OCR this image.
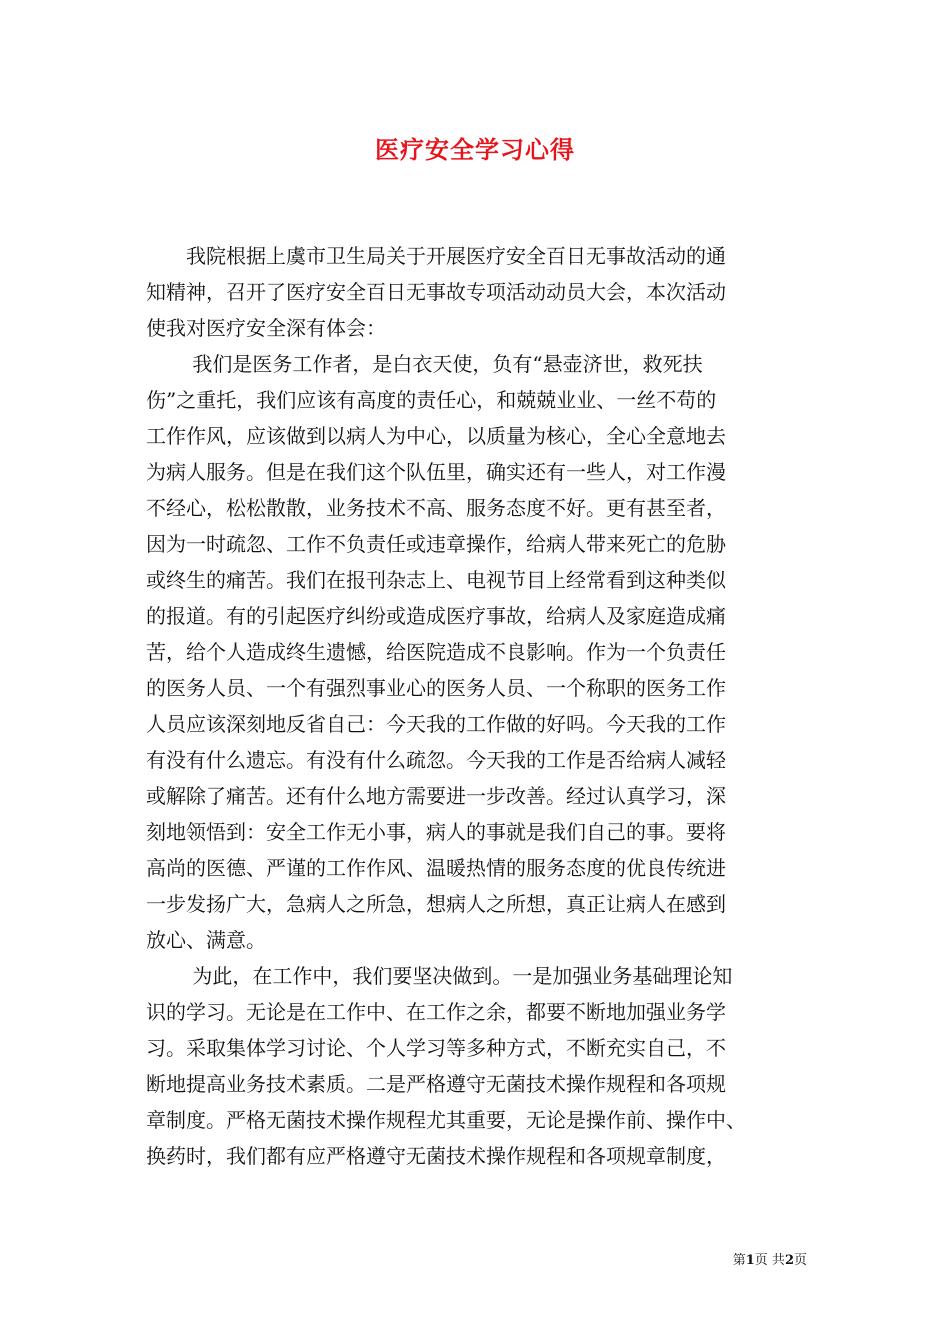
医疗安全学习心得
　　我院根据上虞市卫生局关于开展医疗安全百日无事故活动的通
知精神，召开了医疗安全百日无事故专项活动动员大会，本次活动
使我对医疗安全深有体会：
　　 我们是医务工作者，是白衣天使，负有“悬壶济世，救死扶
伤”之重托，我们应该有高度的责任心，和兢兢业业、一丝不苟的
工作作风，应该做到以病人为中心，以质量为核心，全心全意地去
为病人服务。但是在我们这个队伍里，确实还有一些人，对工作漫
不经心，松松散散，业务技术不高、服务态度不好。更有甚至者，
因为一时疏忽、工作不负责任或违章操作，给病人带来死亡的危胁
或终生的痛苦。我们在报刊杂志上、电视节目上经常看到这种类似
的报道。有的引起医疗纠纷或造成医疗事故，给病人及家庭造成痛
苦，给个人造成终生遗憾，给医院造成不良影响。作为一个负责任
的医务人员、一个有强烈事业心的医务人员、一个称职的医务工作
人员应该深刻地反省自己：今天我的工作做的好吗。今天我的工作
有没有什么遗忘。有没有什么疏忽。今天我的工作是否给病人减轻
或解除了痛苦。还有什么地方需要进一步改善。经过认真学习，深
刻地领悟到：安全工作无小事，病人的事就是我们自己的事。要将
高尚的医德、严谨的工作作风、温暖热情的服务态度的优良传统进
一步发扬广大，急病人之所急，想病人之所想，真正让病人在感到
放心、满意。
　　 为此，在工作中，我们要坚决做到。一是加强业务基础理论知
识的学习。无论是在工作中、在工作之余，都要不断地加强业务学
习。采取集体学习讨论、个人学习等多种方式，不断充实自己，不
断地提高业务技术素质。二是严格遵守无菌技术操作规程和各项规
章制度。严格无菌技术操作规程尤其重要，无论是操作前、操作中、
换药时，我们都有应严格遵守无菌技术操作规程和各项规章制度，
第1页 共2页
